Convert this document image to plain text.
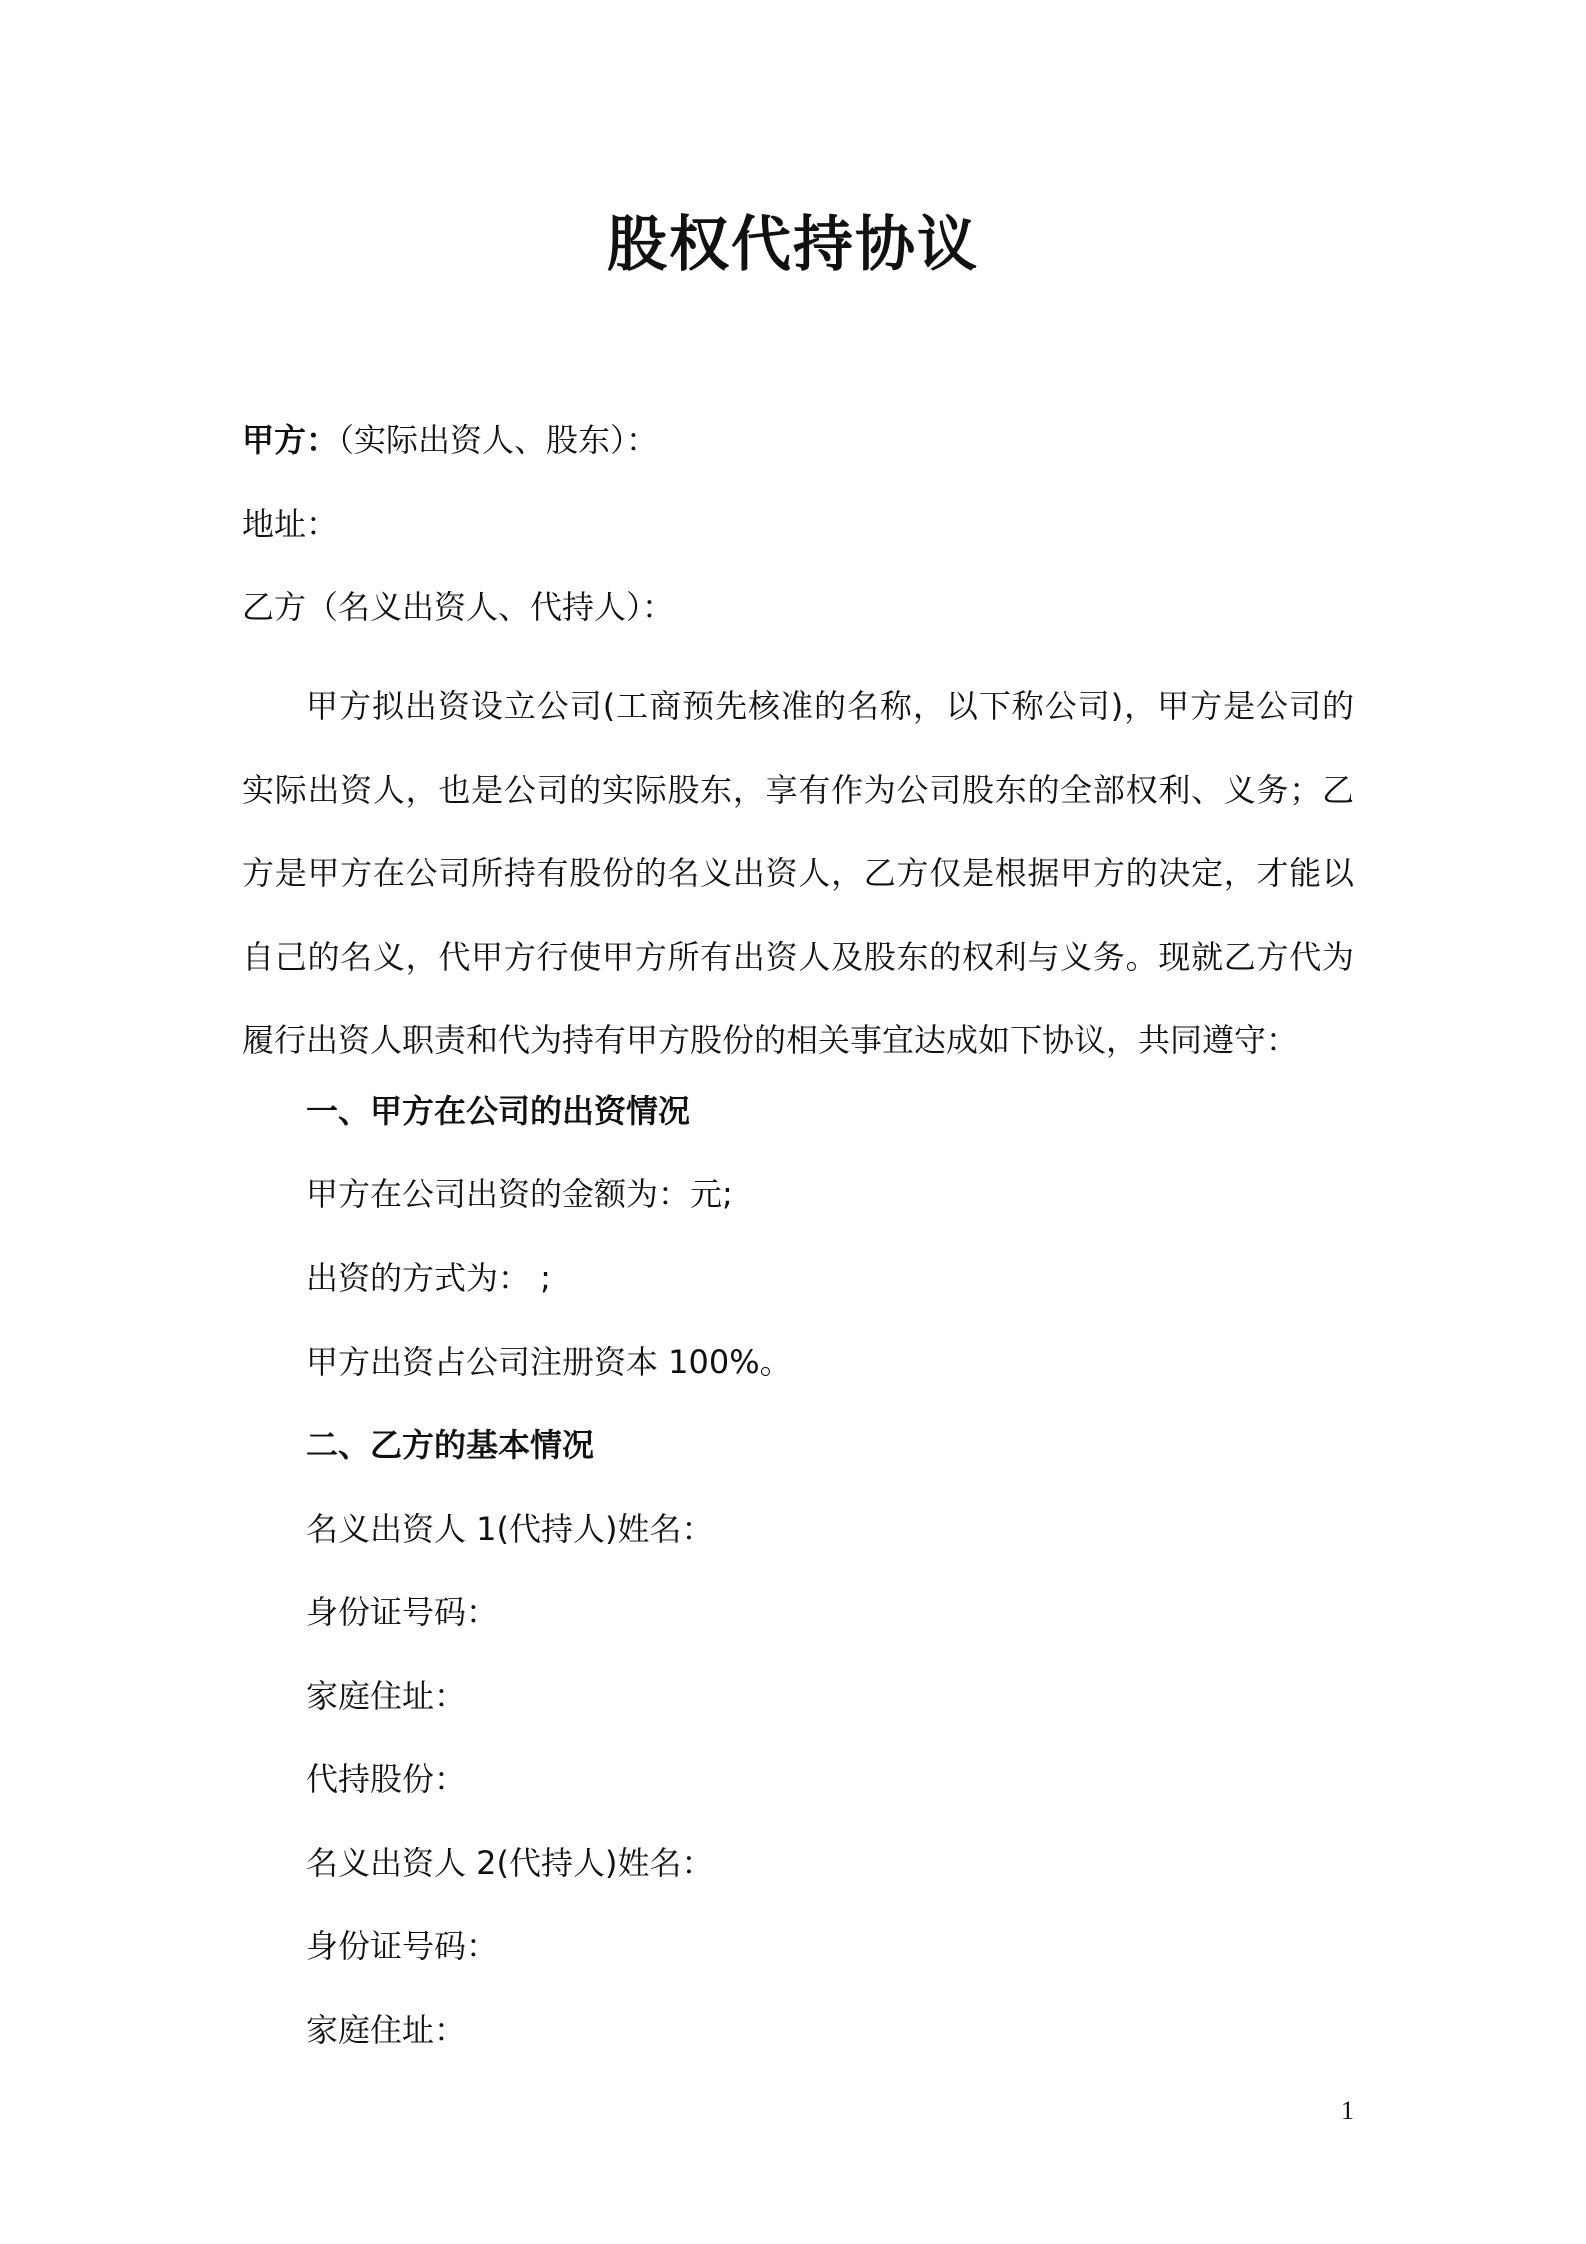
股权代持协议
甲方：（实际出资人、股东）：
地址：
乙方（名义出资人、代持人）：

甲方拟出资设立公司(工商预先核准的名称，以下称公司)，甲方是公司的实际出资人，也是公司的实际股东，享有作为公司股东的全部权利、义务；乙方是甲方在公司所持有股份的名义出资人，乙方仅是根据甲方的决定，才能以自己的名义，代甲方行使甲方所有出资人及股东的权利与义务。现就乙方代为履行出资人职责和代为持有甲方股份的相关事宜达成如下协议，共同遵守：

一、甲方在公司的出资情况
甲方在公司出资的金额为：元;
出资的方式为： ;
甲方出资占公司注册资本 100%。
二、乙方的基本情况
名义出资人 1(代持人)姓名：
身份证号码：
家庭住址：
代持股份：
名义出资人 2(代持人)姓名：
身份证号码：
家庭住址：
1
